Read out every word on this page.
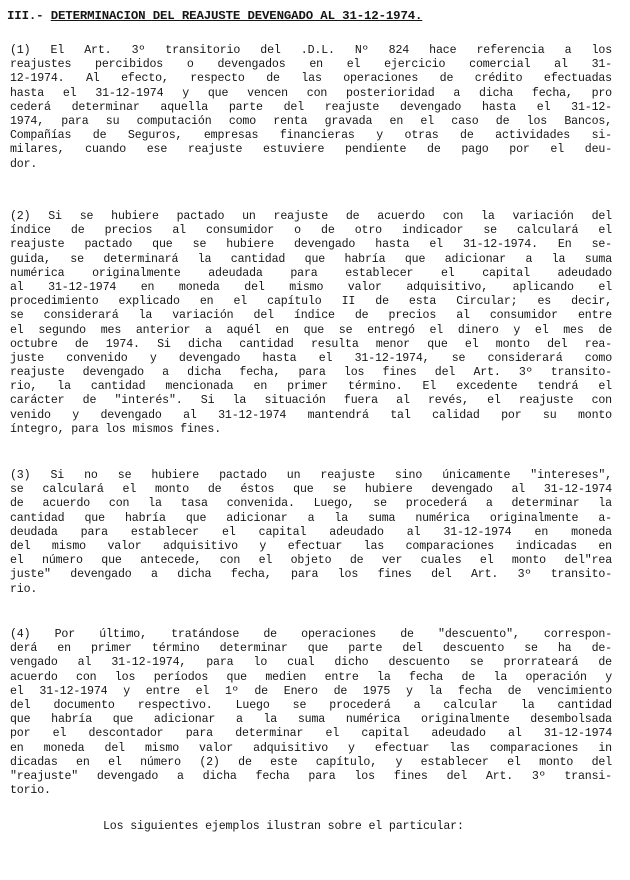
III.- DETERMINACION DEL REAJUSTE DEVENGADO AL 31-12-1974.
(1) El Art. 3º transitorio del .D.L. Nº 824 hace referencia a los
reajustes percibidos o devengados en el ejercicio comercial al 31-
12-1974. Al efecto, respecto de las operaciones de crédito efectuadas
hasta el 31-12-1974 y que vencen con posterioridad a dicha fecha, pro
cederá determinar aquella parte del reajuste devengado hasta el 31-12-
1974, para su computación como renta gravada en el caso de los Bancos,
Compañías de Seguros, empresas financieras y otras de actividades si-
milares, cuando ese reajuste estuviere pendiente de pago por el deu-
dor.
(2) Si se hubiere pactado un reajuste de acuerdo con la variación del
índice de precios al consumidor o de otro indicador se calculará el
reajuste pactado que se hubiere devengado hasta el 31-12-1974. En se-
guida, se determinará la cantidad que habría que adicionar a la suma
numérica originalmente adeudada para establecer el capital adeudado
al 31-12-1974 en moneda del mismo valor adquisitivo, aplicando el
procedimiento explicado en el capítulo II de esta Circular; es decir,
se considerará la variación del índice de precios al consumidor entre
el segundo mes anterior a aquél en que se entregó el dinero y el mes de
octubre de 1974. Si dicha cantidad resulta menor que el monto del rea-
juste convenido y devengado hasta el 31-12-1974, se considerará como
reajuste devengado a dicha fecha, para los fines del Art. 3º transito-
rio, la cantidad mencionada en primer término. El excedente tendrá el
carácter de "interés". Si la situación fuera al revés, el reajuste con
venido y devengado al 31-12-1974 mantendrá tal calidad por su monto
íntegro, para los mismos fines.
(3) Si no se hubiere pactado un reajuste sino únicamente "intereses",
se calculará el monto de éstos que se hubiere devengado al 31-12-1974
de acuerdo con la tasa convenida. Luego, se procederá a determinar la
cantidad que habría que adicionar a la suma numérica originalmente a-
deudada para establecer el capital adeudado al 31-12-1974 en moneda
del mismo valor adquisitivo y efectuar las comparaciones indicadas en
el número que antecede, con el objeto de ver cuales el monto del"rea
juste" devengado a dicha fecha, para los fines del Art. 3º transito-
rio.
(4) Por último, tratándose de operaciones de "descuento", correspon-
derá en primer término determinar que parte del descuento se ha de-
vengado al 31-12-1974, para lo cual dicho descuento se prorrateará de
acuerdo con los períodos que medien entre la fecha de la operación y
el 31-12-1974 y entre el 1º de Enero de 1975 y la fecha de vencimiento
del documento respectivo. Luego se procederá a calcular la cantidad
que habría que adicionar a la suma numérica originalmente desembolsada
por el descontador para determinar el capital adeudado al 31-12-1974
en moneda del mismo valor adquisitivo y efectuar las comparaciones in
dicadas en el número (2) de este capítulo, y establecer el monto del
"reajuste" devengado a dicha fecha para los fines del Art. 3º transi-
torio.
Los siguientes ejemplos ilustran sobre el particular:
